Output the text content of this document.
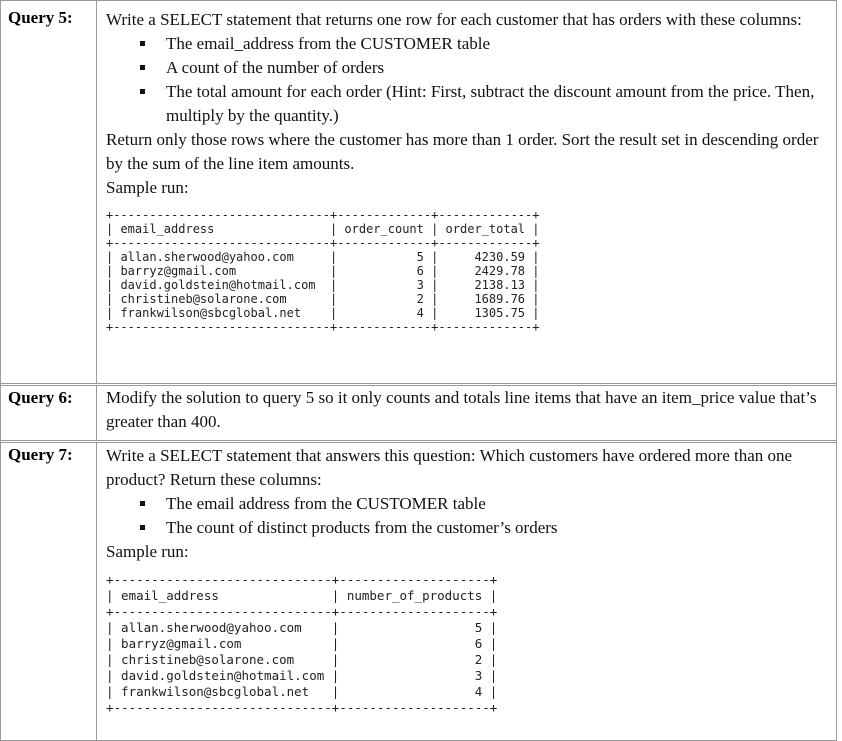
Query 5: Write a SELECT statement that returns one row for each customer that has orders with these columns:

The email_address from the CUSTOMER table
A count of the number of orders
The total amount for each order (Hint: First, subtract the discount amount from the price. Then, multiply by the quantity.)

Return only those rows where the customer has more than 1 order. Sort the result set in descending order by the sum of the line item amounts.

Sample run:

+------------------------------+-------------+-------------+
| email_address                | order_count | order_total |
+------------------------------+-------------+-------------+
| allan.sherwood@yahoo.com     |           5 |     4230.59 |
| barryz@gmail.com             |           6 |     2429.78 |
| david.goldstein@hotmail.com  |           3 |     2138.13 |
| christineb@solarone.com      |           2 |     1689.76 |
| frankwilson@sbcglobal.net    |           4 |     1305.75 |
+------------------------------+-------------+-------------+
Query 6: Modify the solution to query 5 so it only counts and totals line items that have an item_price value that’s greater than 400.

Query 7: Write a SELECT statement that answers this question: Which customers have ordered more than one product? Return these columns:

The email address from the CUSTOMER table
The count of distinct products from the customer’s orders

Sample run:

+-----------------------------+--------------------+
| email_address               | number_of_products |
+-----------------------------+--------------------+
| allan.sherwood@yahoo.com    |                  5 |
| barryz@gmail.com            |                  6 |
| christineb@solarone.com     |                  2 |
| david.goldstein@hotmail.com |                  3 |
| frankwilson@sbcglobal.net   |                  4 |
+-----------------------------+--------------------+
